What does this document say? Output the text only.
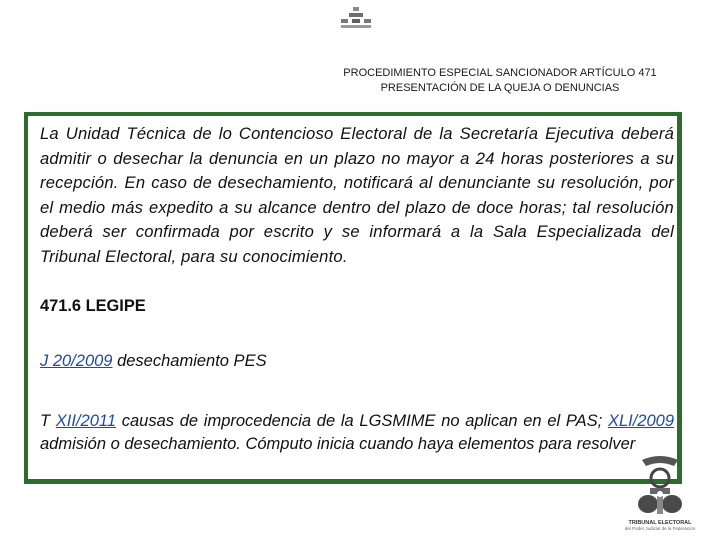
PROCEDIMIENTO ESPECIAL SANCIONADOR ARTÍCULO 471
PRESENTACIÓN DE LA QUEJA O DENUNCIAS
La Unidad Técnica de lo Contencioso Electoral de la Secretaría Ejecutiva deberá admitir o desechar la denuncia en un plazo no mayor a 24 horas posteriores a su recepción. En caso de desechamiento, notificará al denunciante su resolución, por el medio más expedito a su alcance dentro del plazo de doce horas; tal resolución deberá ser confirmada por escrito y se informará a la Sala Especializada del Tribunal Electoral, para su conocimiento.
471.6 LEGIPE
J 20/2009 desechamiento PES
T XII/2011 causas de improcedencia de la LGSMIME no aplican en el PAS; XLI/2009 admisión o desechamiento. Cómputo inicia cuando haya elementos para resolver
TRIBUNAL ELECTORAL
del Poder Judicial de la Federación
